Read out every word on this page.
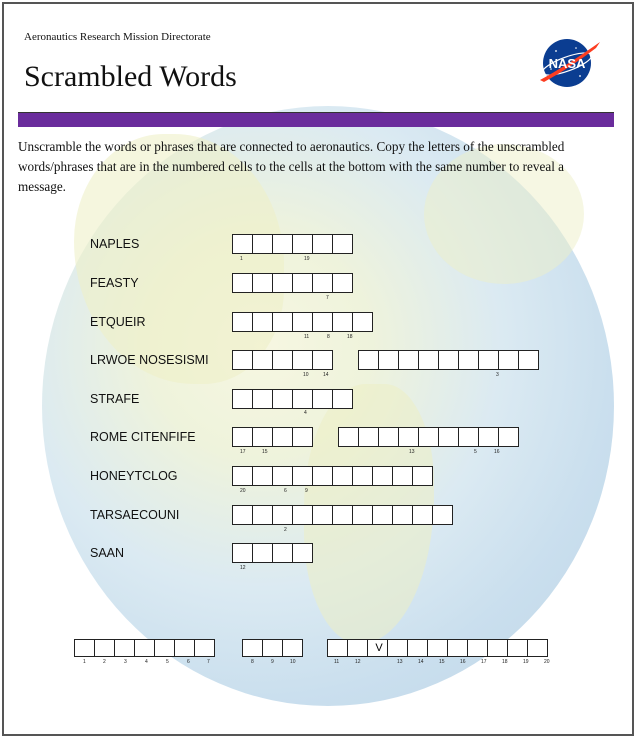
Aeronautics Research Mission Directorate
Scrambled Words	NASA
Unscramble the words or phrases that are connected to aeronautics. Copy the letters of the unscrambled words/phrases that are in the numbered cells to the cells at the bottom with the same number to reveal a message.
NAPLES
1	19
FEASTY
7
ETQUEIR
11	8	18
LRWOE NOSESISMI
10	14	3
STRAFE
4
ROME CITENFIFE
17	15	13	5	16
HONEYTCLOG
20	6	9
TARSAECOUNI
2
SAAN
12
V
1	2	3	4	5	6	7	8	9	10	11	12	13	14	15	16	17	18	19	20
